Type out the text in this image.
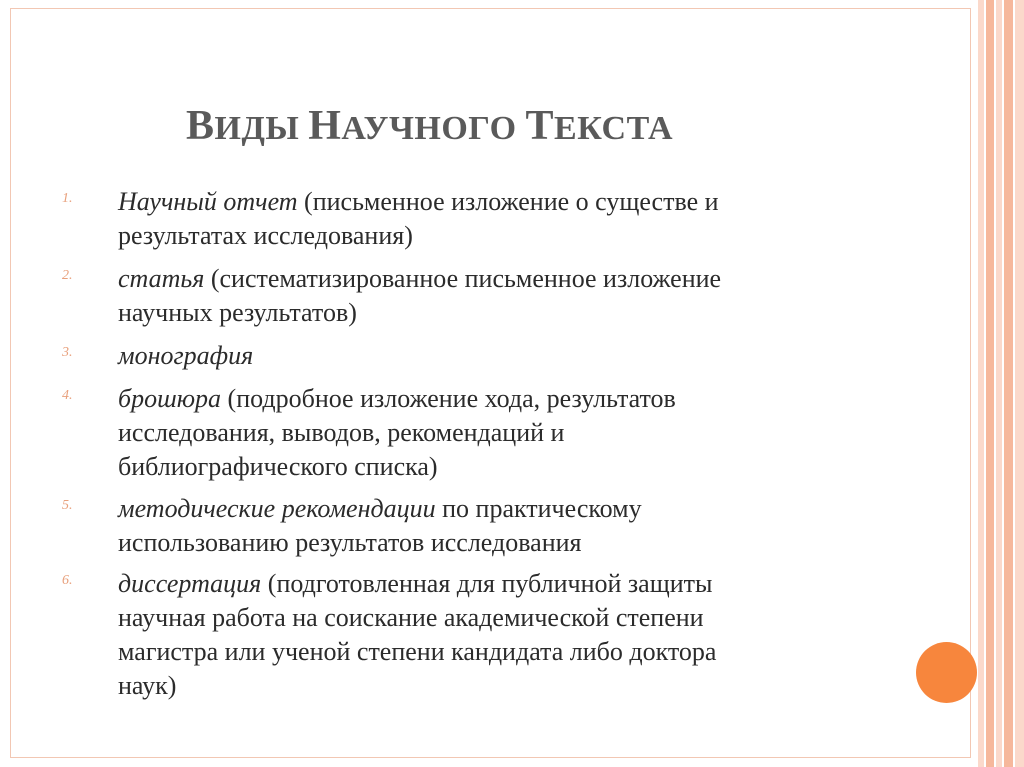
ВИДЫ НАУЧНОГО ТЕКСТА
1. Научный отчет (письменное изложение о существе и
результатах исследования)
2. статья (систематизированное письменное изложение
научных результатов)
3. монография
4. брошюра (подробное изложение хода, результатов
исследования, выводов, рекомендаций и
библиографического списка)
5. методические рекомендации по практическому
использованию результатов исследования
6. диссертация (подготовленная для публичной защиты
научная работа на соискание академической степени
магистра или ученой степени кандидата либо доктора
наук)
